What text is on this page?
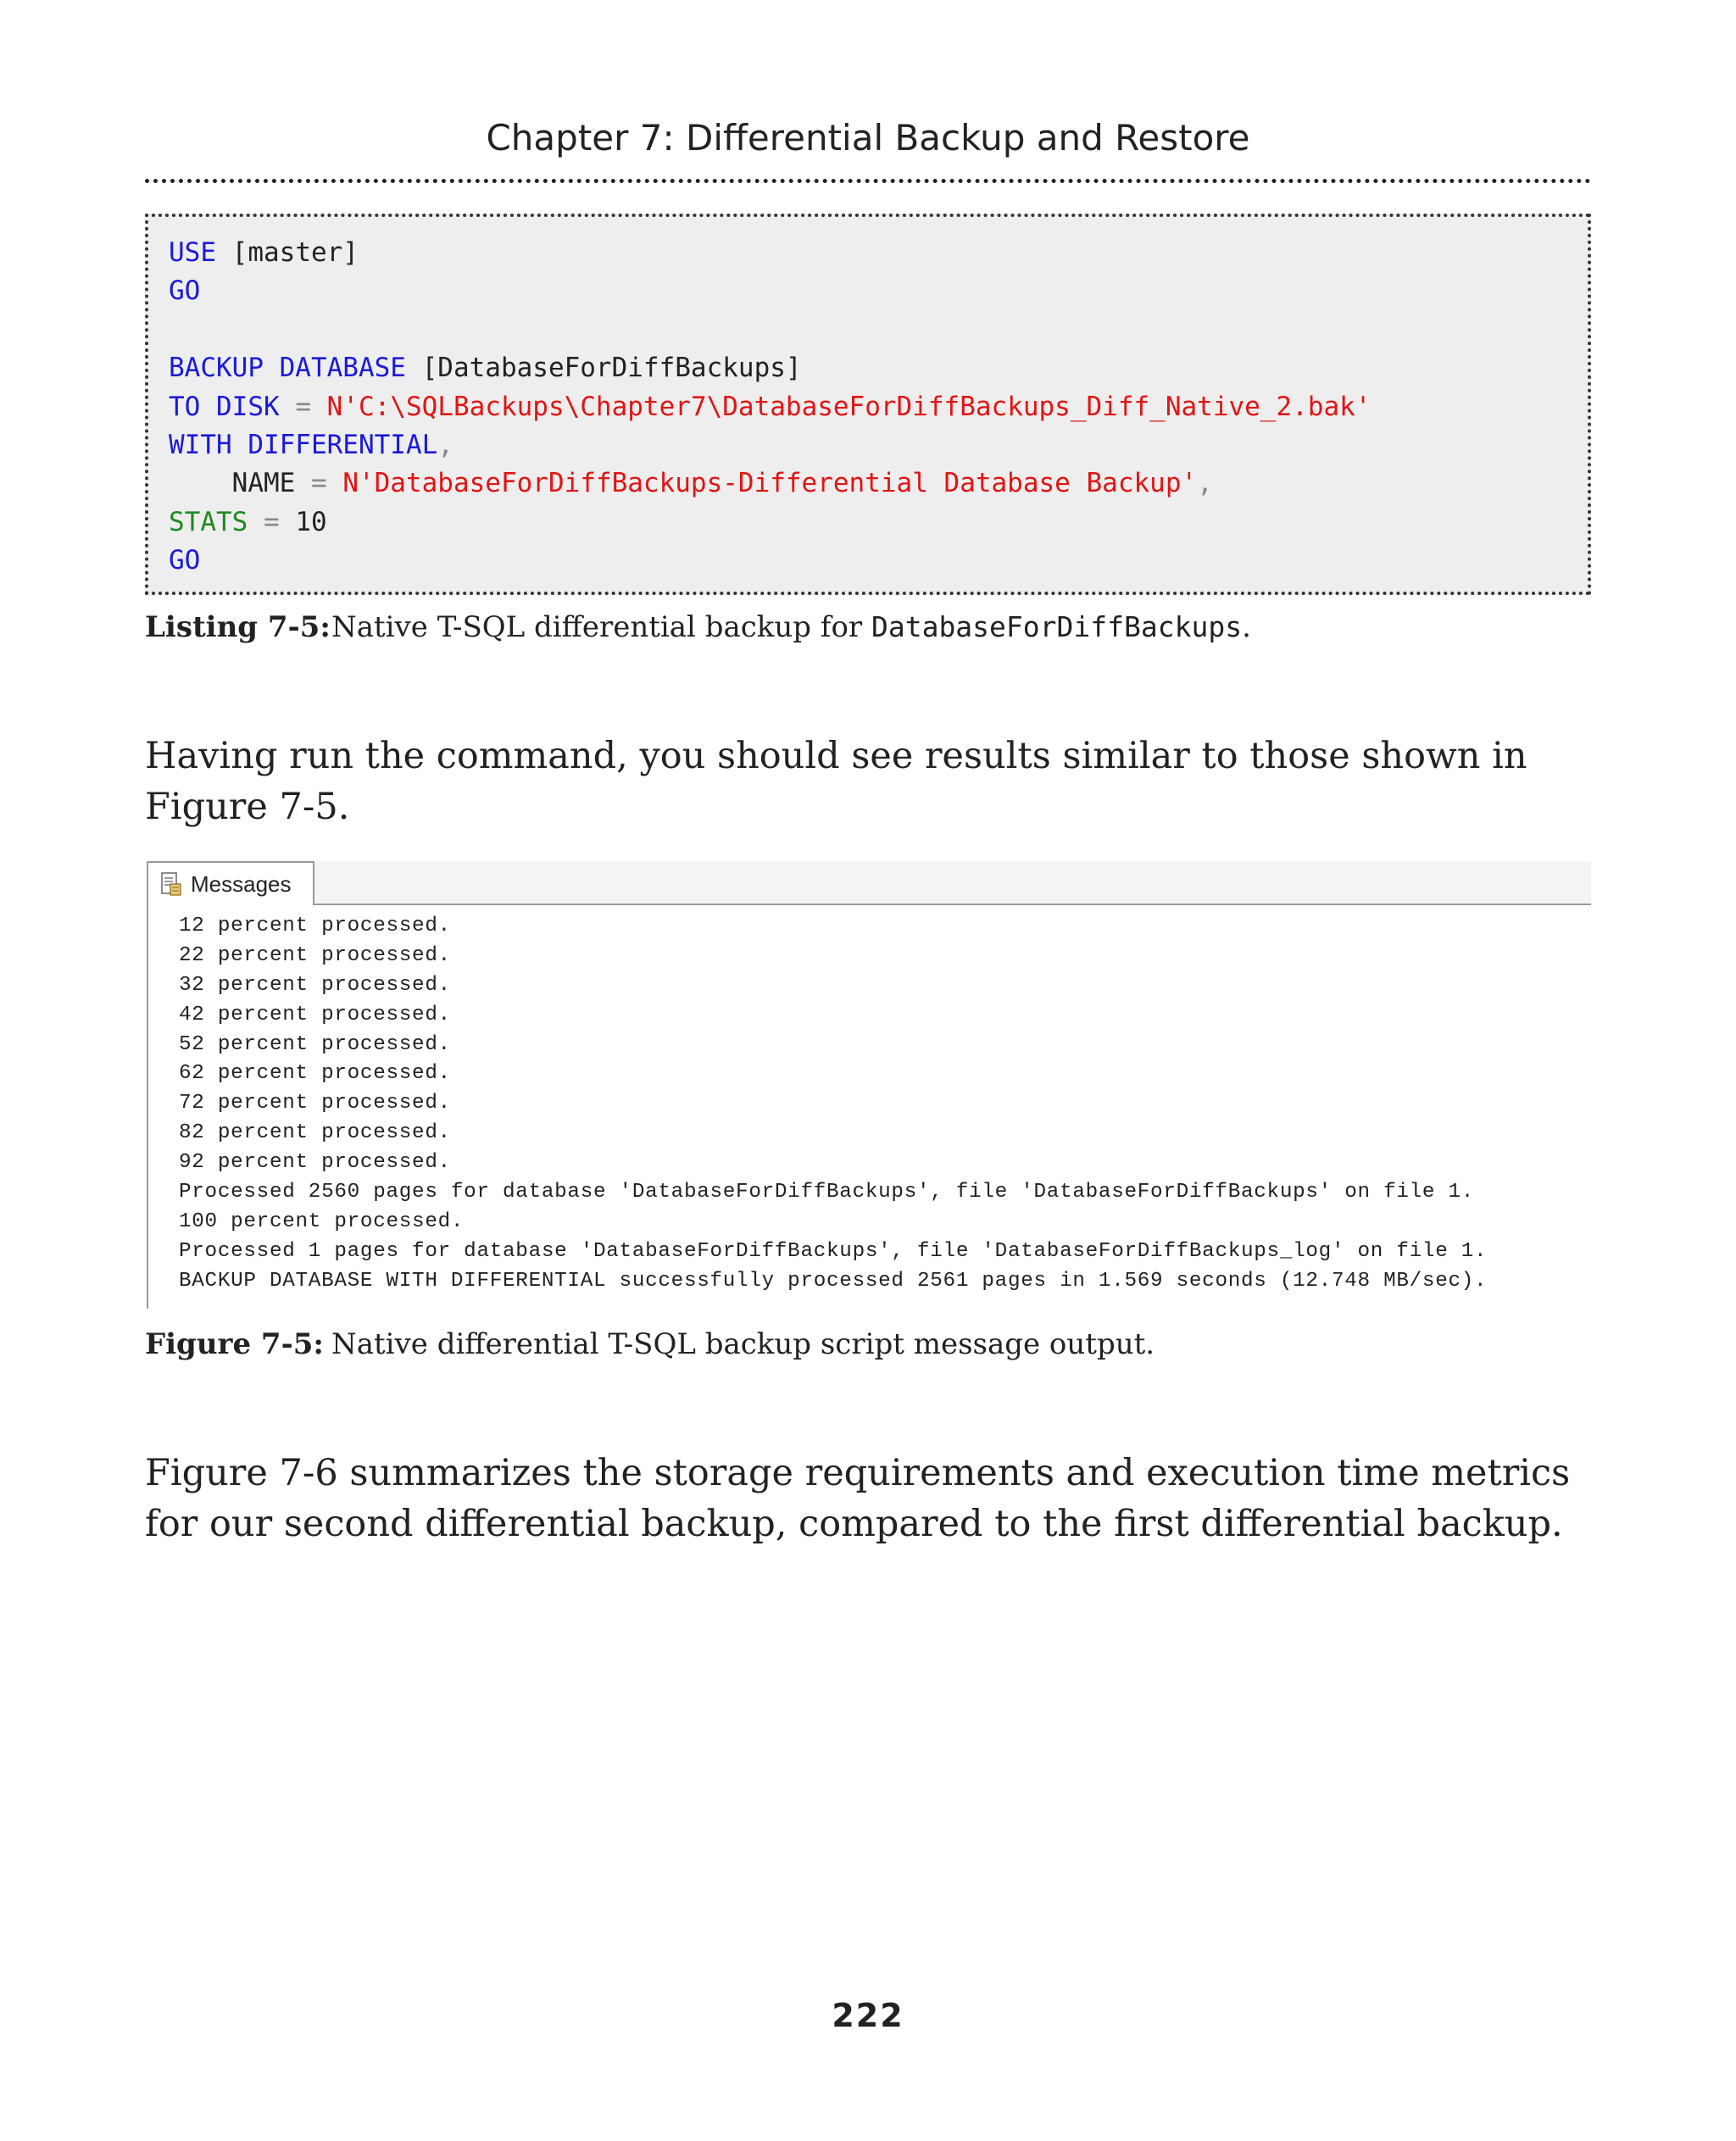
Chapter 7: Differential Backup and Restore
USE [master]
GO
BACKUP DATABASE [DatabaseForDiffBackups]
TO DISK = N'C:\SQLBackups\Chapter7\DatabaseForDiffBackups_Diff_Native_2.bak'
WITH DIFFERENTIAL,
NAME = N'DatabaseForDiffBackups-Differential Database Backup',
STATS = 10
GO
Listing 7-5:Native T-SQL differential backup for DatabaseForDiffBackups.
Having run the command, you should see results similar to those shown in Figure 7-5.
Messages
12 percent processed.
22 percent processed.
32 percent processed.
42 percent processed.
52 percent processed.
62 percent processed.
72 percent processed.
82 percent processed.
92 percent processed.
Processed 2560 pages for database 'DatabaseForDiffBackups', file 'DatabaseForDiffBackups' on file 1.
100 percent processed.
Processed 1 pages for database 'DatabaseForDiffBackups', file 'DatabaseForDiffBackups_log' on file 1.
BACKUP DATABASE WITH DIFFERENTIAL successfully processed 2561 pages in 1.569 seconds (12.748 MB/sec).
Figure 7-5: Native differential T-SQL backup script message output.
Figure 7-6 summarizes the storage requirements and execution time metrics for our second differential backup, compared to the first differential backup.
222
